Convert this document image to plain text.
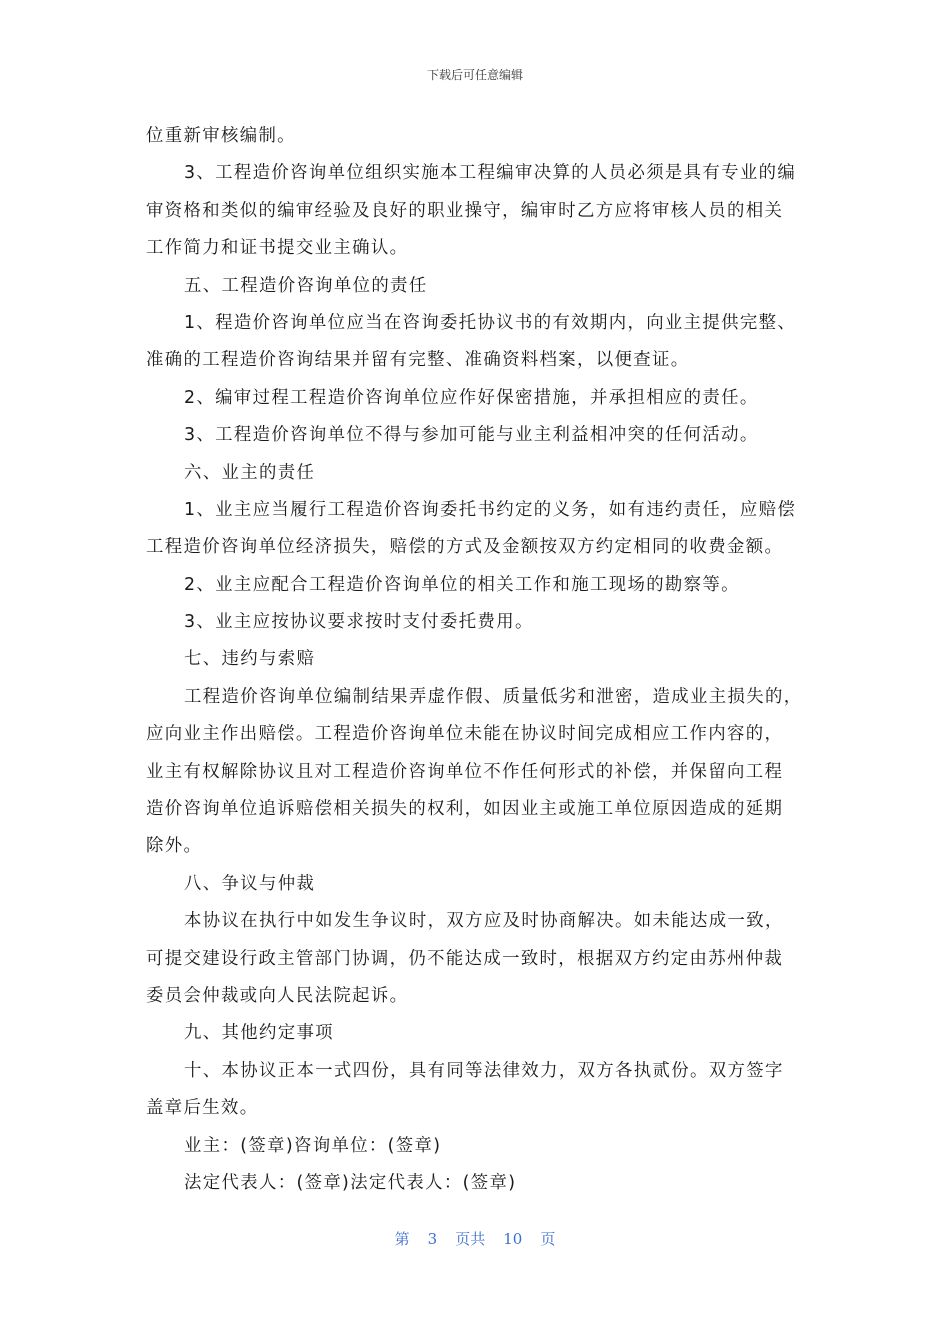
下载后可任意编辑
位重新审核编制。
3、工程造价咨询单位组织实施本工程编审决算的人员必须是具有专业的编
审资格和类似的编审经验及良好的职业操守，编审时乙方应将审核人员的相关
工作简力和证书提交业主确认。
五、工程造价咨询单位的责任
1、程造价咨询单位应当在咨询委托协议书的有效期内，向业主提供完整、
准确的工程造价咨询结果并留有完整、准确资料档案，以便查证。
2、编审过程工程造价咨询单位应作好保密措施，并承担相应的责任。
3、工程造价咨询单位不得与参加可能与业主利益相冲突的任何活动。
六、业主的责任
1、业主应当履行工程造价咨询委托书约定的义务，如有违约责任，应赔偿
工程造价咨询单位经济损失，赔偿的方式及金额按双方约定相同的收费金额。
2、业主应配合工程造价咨询单位的相关工作和施工现场的勘察等。
3、业主应按协议要求按时支付委托费用。
七、违约与索赔
工程造价咨询单位编制结果弄虚作假、质量低劣和泄密，造成业主损失的，
应向业主作出赔偿。工程造价咨询单位未能在协议时间完成相应工作内容的，
业主有权解除协议且对工程造价咨询单位不作任何形式的补偿，并保留向工程
造价咨询单位追诉赔偿相关损失的权利，如因业主或施工单位原因造成的延期
除外。
八、争议与仲裁
本协议在执行中如发生争议时，双方应及时协商解决。如未能达成一致，
可提交建设行政主管部门协调，仍不能达成一致时，根据双方约定由苏州仲裁
委员会仲裁或向人民法院起诉。
九、其他约定事项
十、本协议正本一式四份，具有同等法律效力，双方各执贰份。双方签字
盖章后生效。
业主：(签章)咨询单位：(签章)
法定代表人：(签章)法定代表人：(签章)
第 3 页共 10 页
